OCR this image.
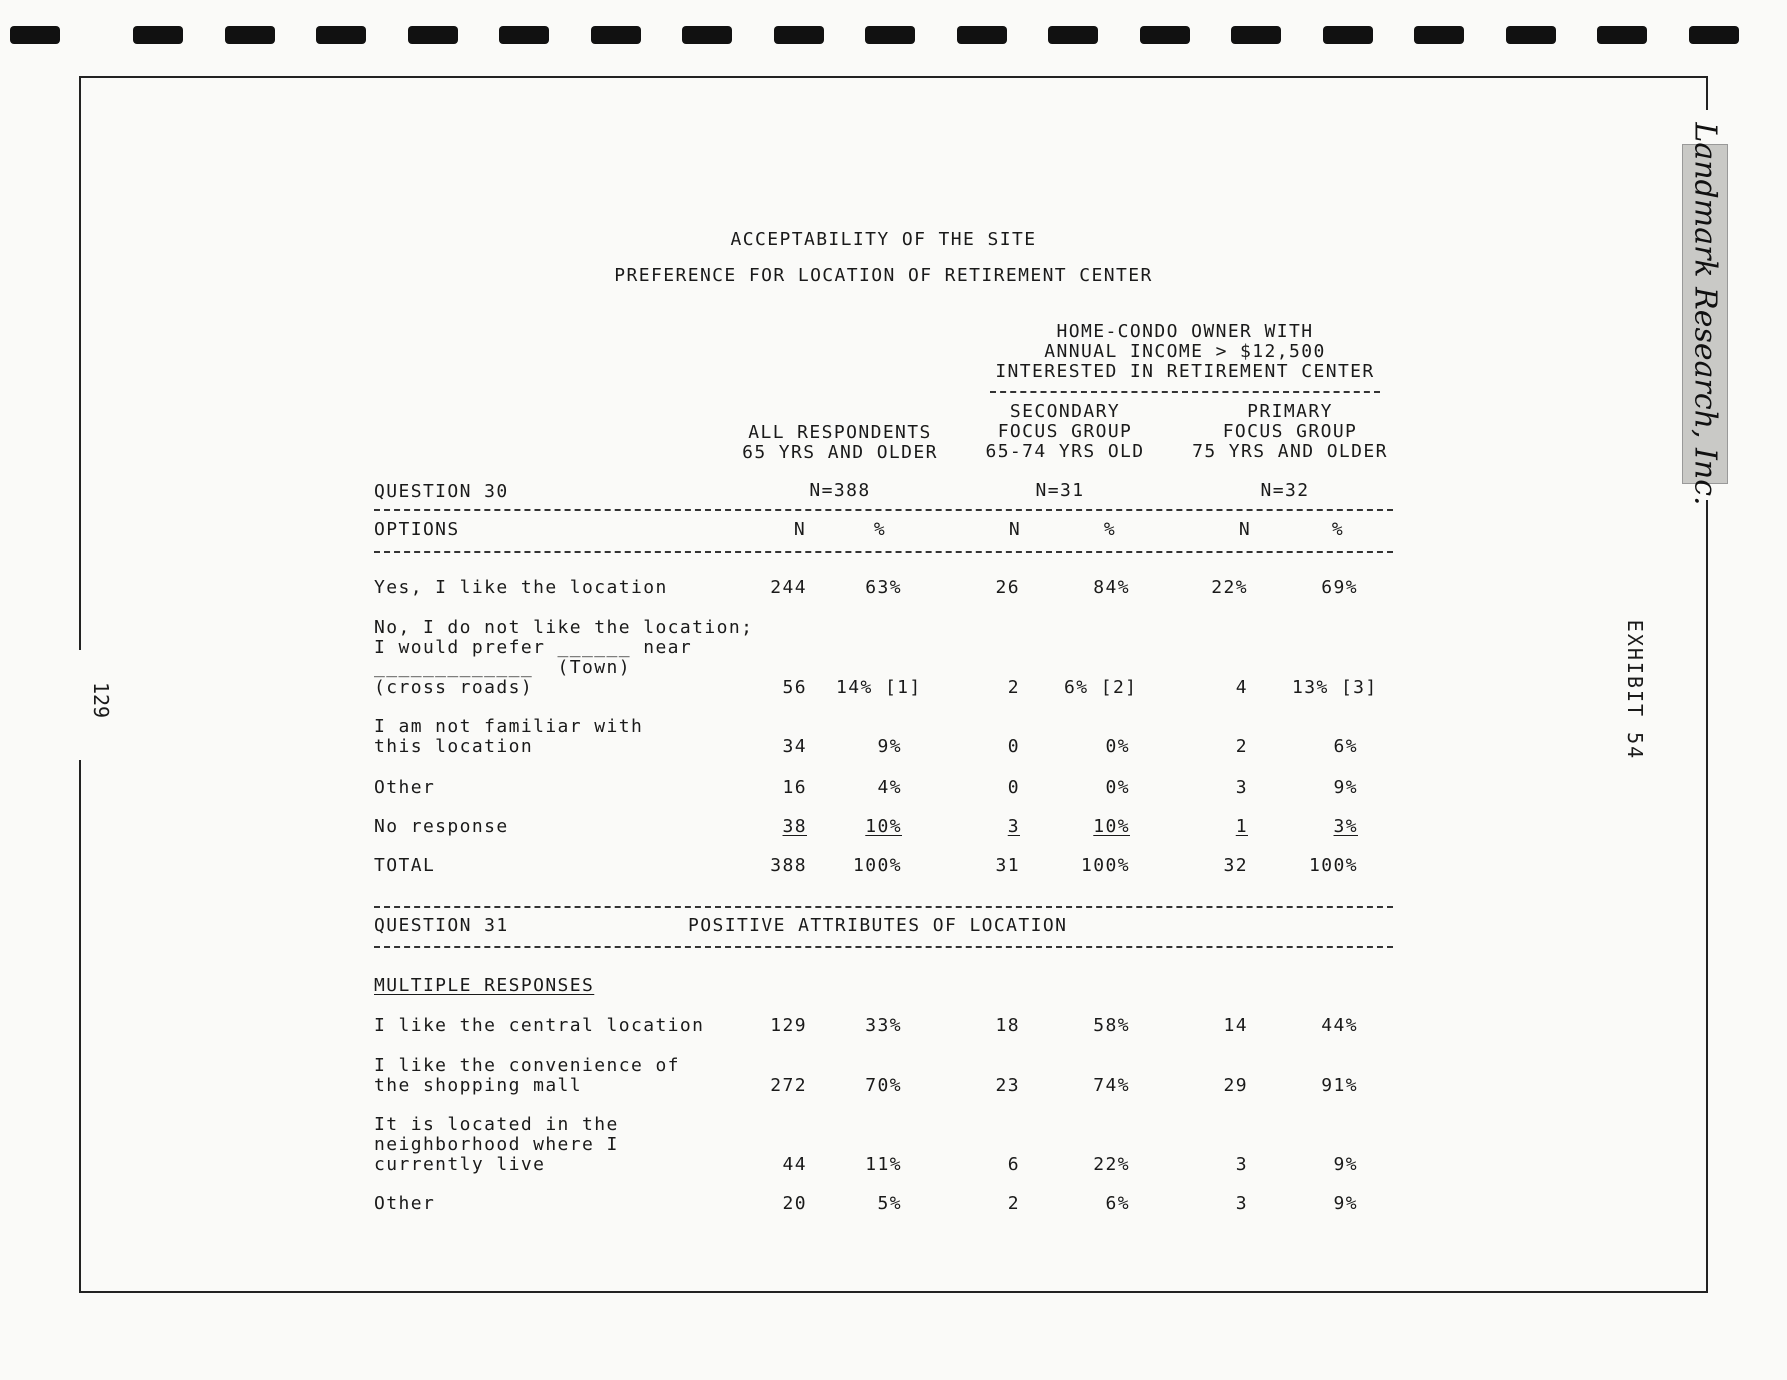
ACCEPTABILITY OF THE SITE
PREFERENCE FOR LOCATION OF RETIREMENT CENTER
HOME-CONDO OWNER WITH
ANNUAL INCOME > $12,500
INTERESTED IN RETIREMENT CENTER
ALL RESPONDENTS
65 YRS AND OLDER
SECONDARY
FOCUS GROUP
65-74 YRS OLD
PRIMARY
FOCUS GROUP
75 YRS AND OLDER
QUESTION 30	N=388	N=31	N=32
OPTIONS	N	%	N	%	N	%
Yes, I like the location	244	63%	26	84%	22%	69%
No, I do not like the location;
I would prefer ______ near
_____________  (Town)
(cross roads)	56 14% [1]	2 6% [2]	4 13% [3]
I am not familiar with
this location	34	9%	0	0%	2	6%
Other	16	4%	0	0%	3	9%
No response	38	10%	3	10%	1	3%
TOTAL	388	100%	31	100%	32	100%
QUESTION 31	POSITIVE ATTRIBUTES OF LOCATION
MULTIPLE RESPONSES
I like the central location	129	33%	18	58%	14	44%
I like the convenience of
the shopping mall	272	70%	23	74%	29	91%
It is located in the
neighborhood where I
currently live	44	11%	6	22%	3	9%
Other	20	5%	2	6%	3	9%
Landmark Research, Inc.
EXHIBIT 54
129
